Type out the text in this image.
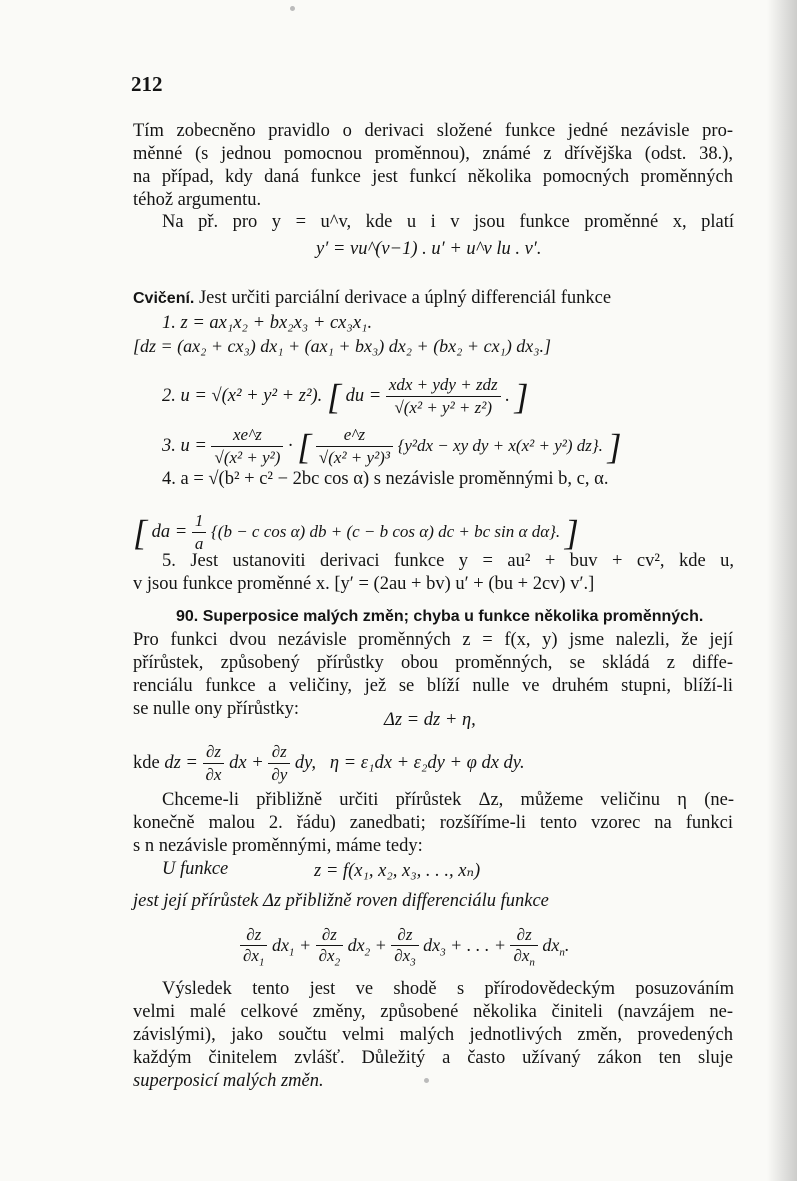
212
Tím zobecněno pravidlo o derivaci složené funkce jedné nezávisle pro-
měnné (s jednou pomocnou proměnnou), známé z dřívějška (odst. 38.),
na případ, kdy daná funkce jest funkcí několika pomocných proměnných
téhož argumentu.
Na př. pro y = u^v, kde u i v jsou funkce proměnné x, platí
y′ = vu^(v−1) . u′ + u^v lu . v′.
Cvičení. Jest určiti parciální derivace a úplný differenciál funkce
1. z = ax₁x₂ + bx₂x₃ + cx₃x₁.
[dz = (ax₂ + cx₃) dx₁ + (ax₁ + bx₃) dx₂ + (bx₂ + cx₁) dx₃.]
2. u = √(x² + y² + z²). [ du = $\frac{\text{xdx + ydy + zdz}}{\text{√(x² + y² + z²)}}$ . ]
3. $u = \frac{xe\^{}z}{\text{√(x² + y²)}}$ · [ $\frac{e\^{}z}{\text{√(x² + y²)³}} \{y^2dx$ − xy dy + x(x² + y²) dz}. ]
4. a = √(b² + c² − 2bc cos α) s nezávisle proměnnými b, c, α.
[ da = $\frac{1}{a} \{(b - c$ cos α) db + (c − b cos α) dc + bc sin α dα}. ]
5. Jest ustanoviti derivaci funkce y = au² + buv + cv², kde u,
v jsou funkce proměnné x. [y′ = (2au + bv) u′ + (bu + 2cv) v′.]
90. Superposice malých změn; chyba u funkce několika proměnných.
Pro funkci dvou nezávisle proměnných z = f(x, y) jsme nalezli, že její
přírůstek, způsobený přírůstky obou proměnných, se skládá z diffe-
renciálu funkce a veličiny, jež se blíží nulle ve druhém stupni, blíží-li
se nulle ony přírůstky:
Δz = dz + η,
kde dz = $\frac{\partial z}{\partial x}$ dx + $\frac{\partial z}{\partial y}$ dy,   η = ε₁dx + ε₂dy + φ dx dy.
Chceme-li přibližně určiti přírůstek Δz, můžeme veličinu η (ne-
konečně malou 2. řádu) zanedbati; rozšíříme-li tento vzorec na funkci
s n nezávisle proměnnými, máme tedy:
U funkce	z = f(x₁, x₂, x₃, . . ., xₙ)
jest její přírůstek Δz přibližně roven differenciálu funkce
$\frac{\partial z}{\partial x_1} dx_1 + \frac{\partial z}{\partial x_2} dx_2 + \frac{\partial z}{\partial x_3} dx_3$ + . . . + $\frac{\partial z}{\partial x_n} dx_n$.
Výsledek tento jest ve shodě s přírodovědeckým posuzováním
velmi malé celkové změny, způsobené několika činiteli (navzájem ne-
závislými), jako součtu velmi malých jednotlivých změn, provedených
každým činitelem zvlášť. Důležitý a často užívaný zákon ten sluje
superposicí malých změn.
